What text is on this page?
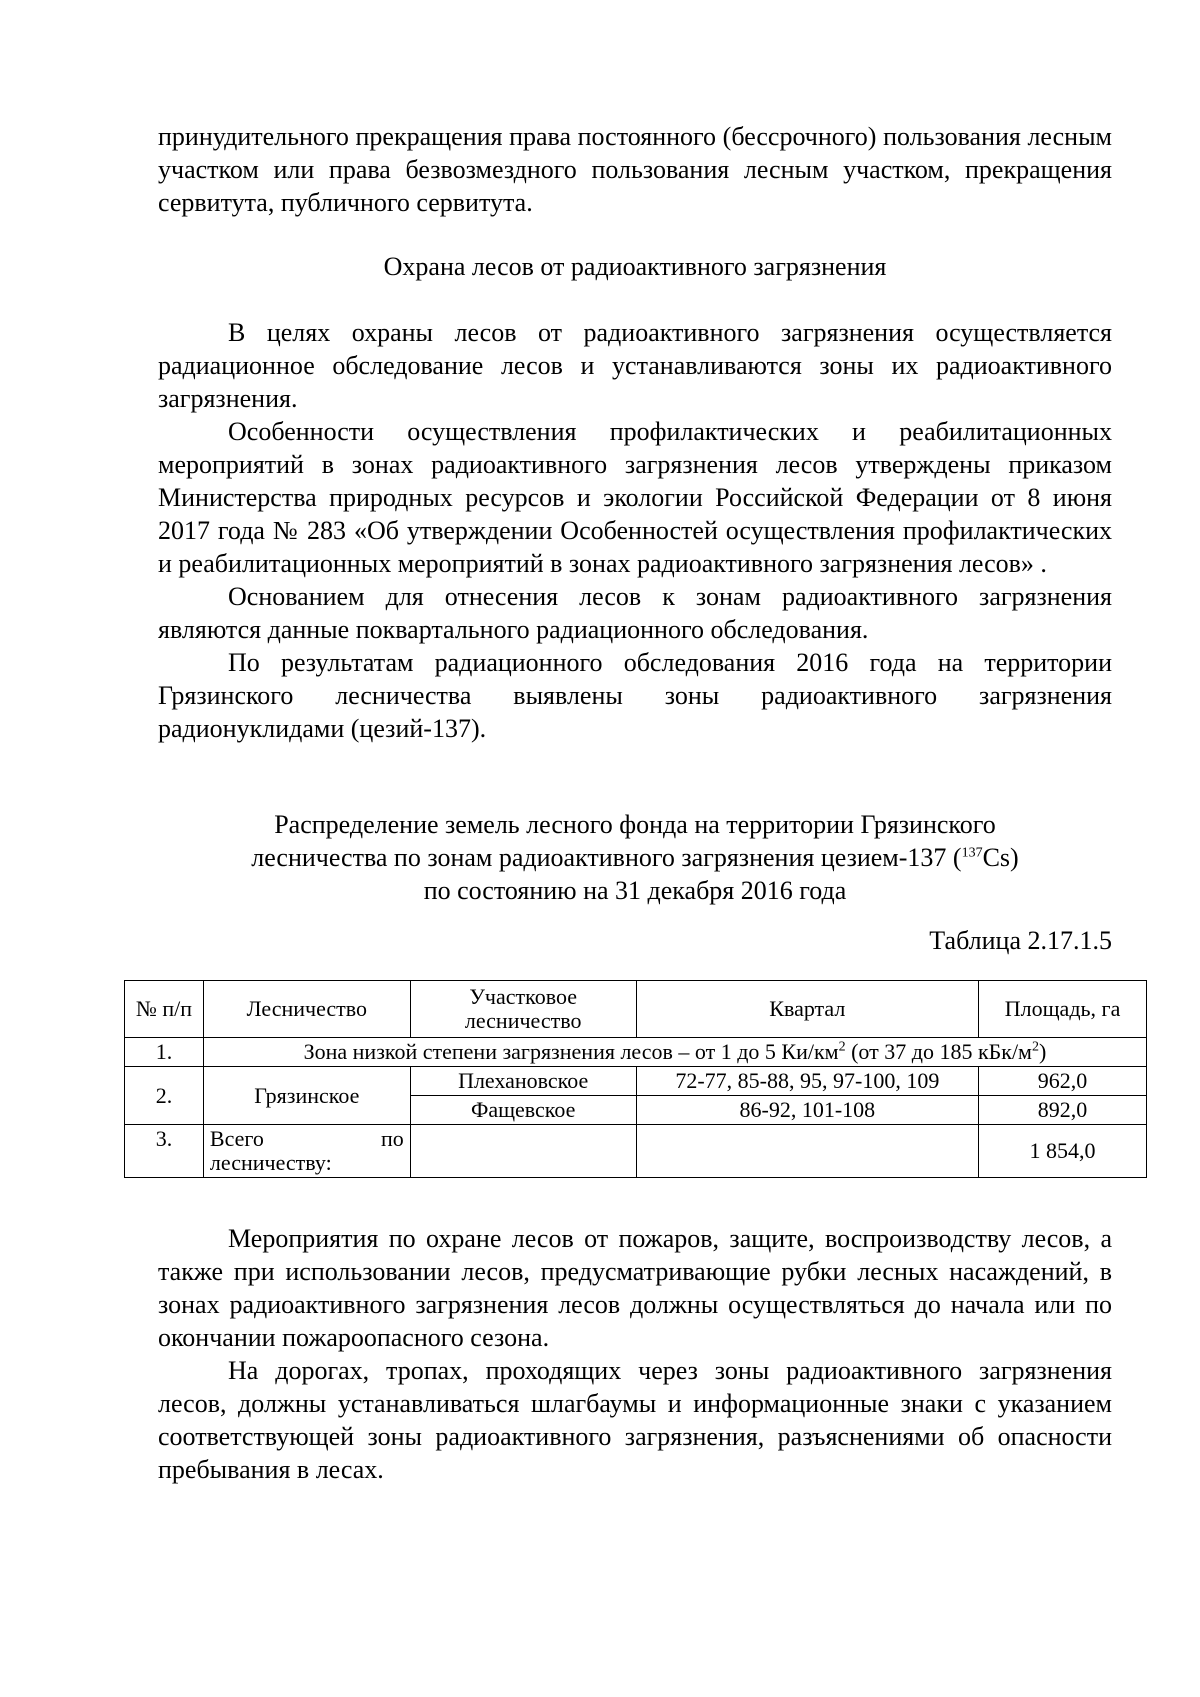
принудительного прекращения права постоянного (бессрочного) пользования лесным участком или права безвозмездного пользования лесным участком, прекращения сервитута, публичного сервитута.

Охрана лесов от радиоактивного загрязнения

В целях охраны лесов от радиоактивного загрязнения осуществляется радиационное обследование лесов и устанавливаются зоны их радиоактивного загрязнения.

Особенности осуществления профилактических и реабилитационных мероприятий в зонах радиоактивного загрязнения лесов утверждены приказом Министерства природных ресурсов и экологии Российской Федерации от 8 июня 2017 года № 283 «Об утверждении Особенностей осуществления профилактических и реабилитационных мероприятий в зонах радиоактивного загрязнения лесов» .

Основанием для отнесения лесов к зонам радиоактивного загрязнения являются данные поквартального радиационного обследования.

По результатам радиационного обследования 2016 года на территории Грязинского лесничества выявлены зоны радиоактивного загрязнения радионуклидами (цезий-137).

Распределение земель лесного фонда на территории Грязинского
лесничества по зонам радиоактивного загрязнения цезием-137 ($^{137}$Cs)
по состоянию на 31 декабря 2016 года
Таблица 2.17.1.5
№ п/п	Лесничество	Участковое лесничество	Квартал	Площадь, га
1.	Зона низкой степени загрязнения лесов – от 1 до 5 $Ки/км^2$ (от 37 до 185 кБк/$м^2$)			
2.	Грязинское	Плехановское	72-77, 85-88, 95, 97-100, 109	962,0
		Фащевское	86-92, 101-108	892,0
3.	Всего по лесничеству:			1 854,0

Мероприятия по охране лесов от пожаров, защите, воспроизводству лесов, а также при использовании лесов, предусматривающие рубки лесных насаждений, в зонах радиоактивного загрязнения лесов должны осуществляться до начала или по окончании пожароопасного сезона.

На дорогах, тропах, проходящих через зоны радиоактивного загрязнения лесов, должны устанавливаться шлагбаумы и информационные знаки с указанием соответствующей зоны радиоактивного загрязнения, разъяснениями об опасности пребывания в лесах.
